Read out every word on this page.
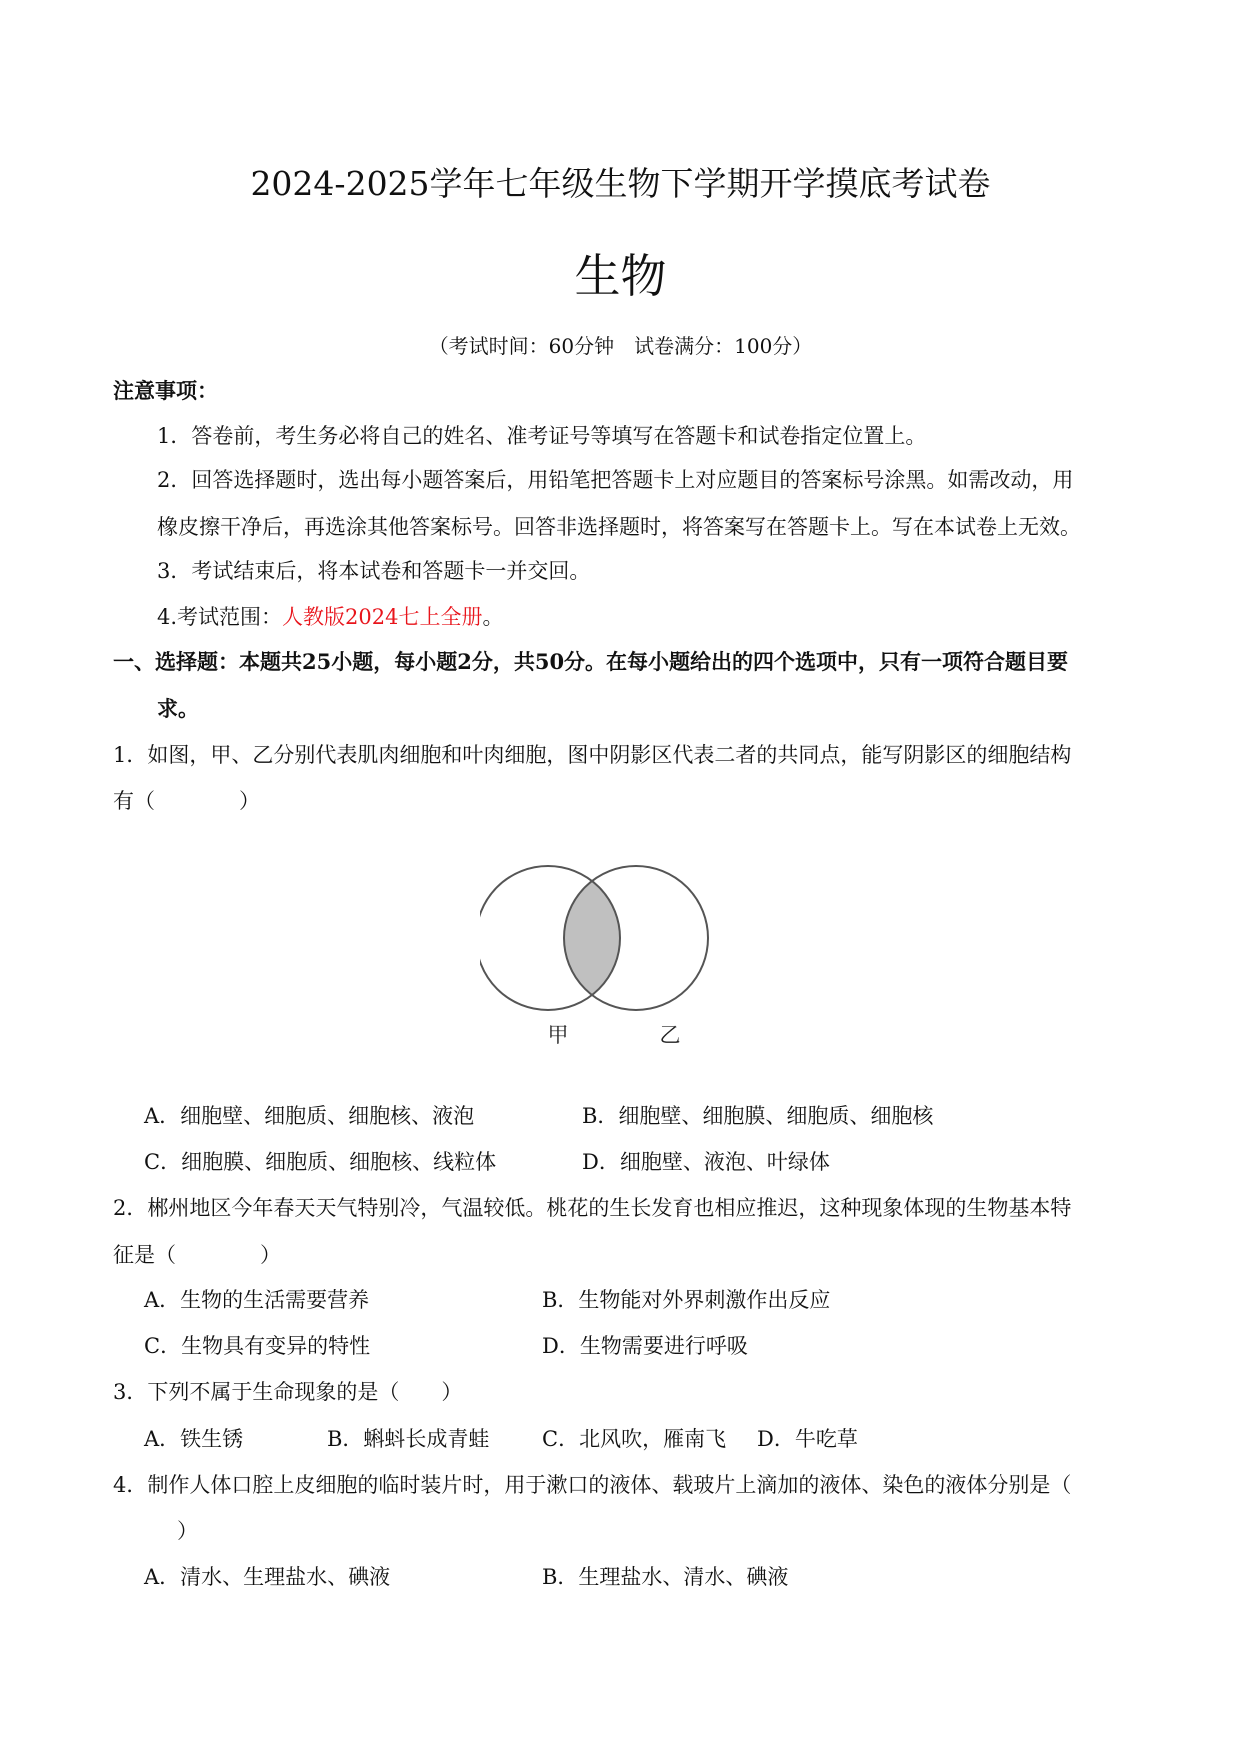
2024-2025学年七年级生物下学期开学摸底考试卷
生物
（考试时间：60分钟　试卷满分：100分）
注意事项：
1．答卷前，考生务必将自己的姓名、准考证号等填写在答题卡和试卷指定位置上。
2．回答选择题时，选出每小题答案后，用铅笔把答题卡上对应题目的答案标号涂黑。如需改动，用
橡皮擦干净后，再选涂其他答案标号。回答非选择题时，将答案写在答题卡上。写在本试卷上无效。
3．考试结束后，将本试卷和答题卡一并交回。
4.考试范围：人教版2024七上全册。
一、选择题：本题共25小题，每小题2分，共50分。在每小题给出的四个选项中，只有一项符合题目要
求。
1．如图，甲、乙分别代表肌肉细胞和叶肉细胞，图中阴影区代表二者的共同点，能写阴影区的细胞结构
有（　　　　）
甲	乙
A．细胞壁、细胞质、细胞核、液泡	B．细胞壁、细胞膜、细胞质、细胞核
C．细胞膜、细胞质、细胞核、线粒体	D．细胞壁、液泡、叶绿体
2．郴州地区今年春天天气特别冷，气温较低。桃花的生长发育也相应推迟，这种现象体现的生物基本特
征是（　　　　）
A．生物的生活需要营养	B．生物能对外界刺激作出反应
C．生物具有变异的特性	D．生物需要进行呼吸
3．下列不属于生命现象的是（　　）
A．铁生锈	B．蝌蚪长成青蛙	C．北风吹，雁南飞 D．牛吃草
4．制作人体口腔上皮细胞的临时装片时，用于漱口的液体、载玻片上滴加的液体、染色的液体分别是（
）
A．清水、生理盐水、碘液	B．生理盐水、清水、碘液
